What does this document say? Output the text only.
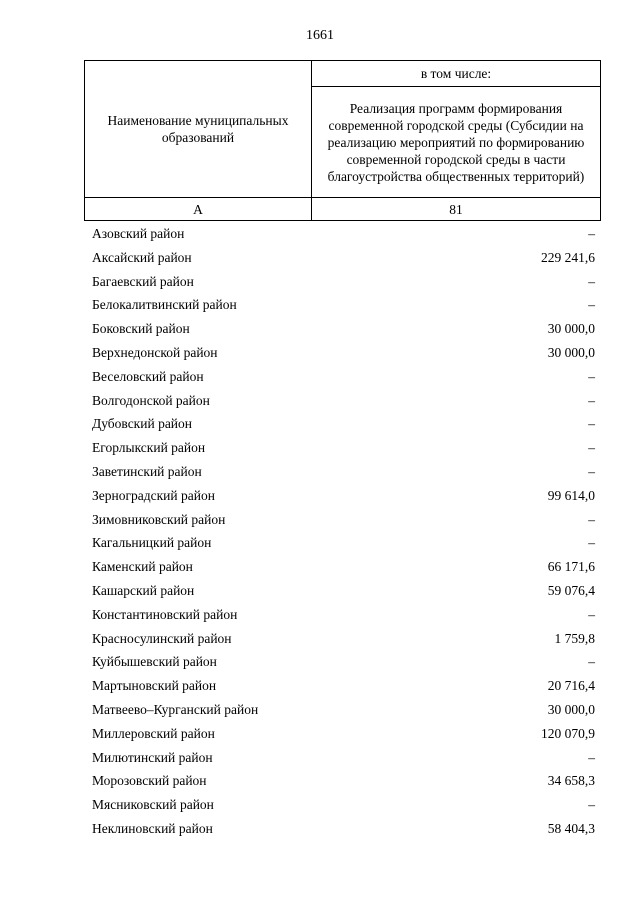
1661
Наименование муниципальных образований	в том числе:
	Реализация программ формирования современной городской среды (Субсидии на реализацию мероприятий по формированию современной городской среды в части благоустройства общественных территорий)
А	81
Азовский район	–
Аксайский район	229 241,6
Багаевский район	–
Белокалитвинский район	–
Боковский район	30 000,0
Верхнедонской район	30 000,0
Веселовский район	–
Волгодонской район	–
Дубовский район	–
Егорлыкский район	–
Заветинский район	–
Зерноградский район	99 614,0
Зимовниковский район	–
Кагальницкий район	–
Каменский район	66 171,6
Кашарский район	59 076,4
Константиновский район	–
Красносулинский район	1 759,8
Куйбышевский район	–
Мартыновский район	20 716,4
Матвеево–Курганский район	30 000,0
Миллеровский район	120 070,9
Милютинский район	–
Морозовский район	34 658,3
Мясниковский район	–
Неклиновский район	58 404,3
